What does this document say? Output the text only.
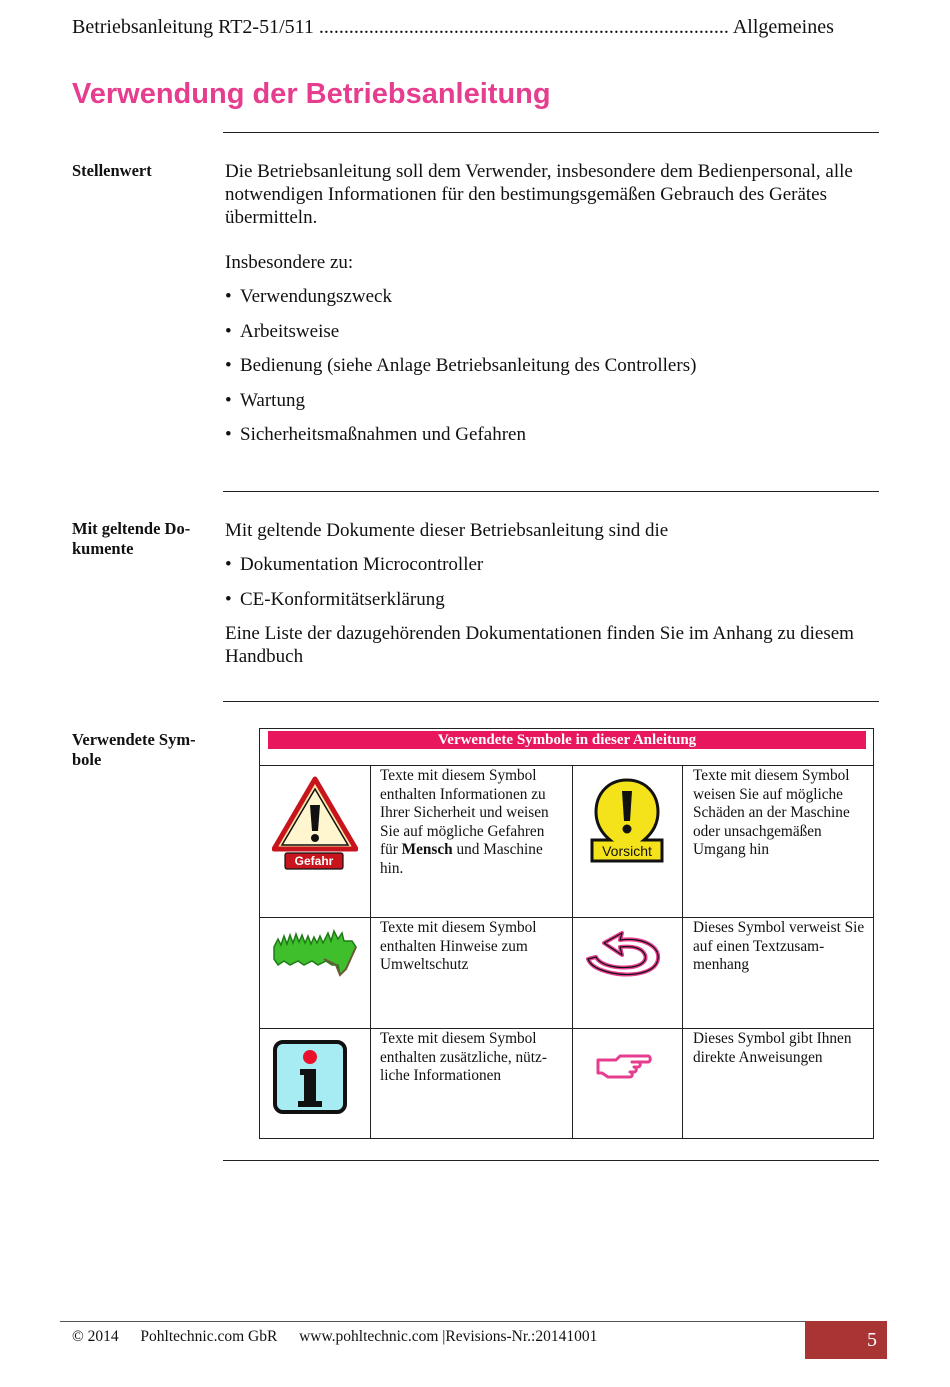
Betriebsanleitung RT2-51/511 .................................................................................. Allgemeines
Verwendung der Betriebsanleitung
Stellenwert	Die Betriebsanleitung soll dem Verwender, insbesondere dem Bedienpersonal, alle notwendigen Informationen für den bestimungsgemäßen Gebrauch des Gerätes übermitteln.

Insbesondere zu:

• Verwendungszweck
• Arbeitsweise
• Bedienung (siehe Anlage Betriebsanleitung des Controllers)
• Wartung
• Sicherheitsmaßnahmen und Gefahren
Mit geltende Do-
kumente

Mit geltende Dokumente dieser Betriebsanleitung sind die

• Dokumentation Microcontroller
• CE-Konformitätserklärung

Eine Liste der dazugehörenden Dokumentationen finden Sie im Anhang zu diesem Handbuch

Verwendete Sym-
bole
Verwendete Symbole in dieser Anleitung
Gefahr
Texte mit diesem Symbol enthalten Informationen zu Ihrer Sicherheit und weisen Sie auf mögliche Gefahren für Mensch und Maschine hin.
Vorsicht
Texte mit diesem Symbol weisen Sie auf mögliche Schäden an der Maschine oder unsachgemäßen Umgang hin
Texte mit diesem Symbol enthalten Hinweise zum Umweltschutz
Dieses Symbol verweist Sie auf einen Textzusam-menhang
Texte mit diesem Symbol enthalten zusätzliche, nütz-liche Informationen
Dieses Symbol gibt Ihnen direkte Anweisungen
© 2014 Pohltechnic.com GbR www.pohltechnic.com |Revisions-Nr.:20141001	5
